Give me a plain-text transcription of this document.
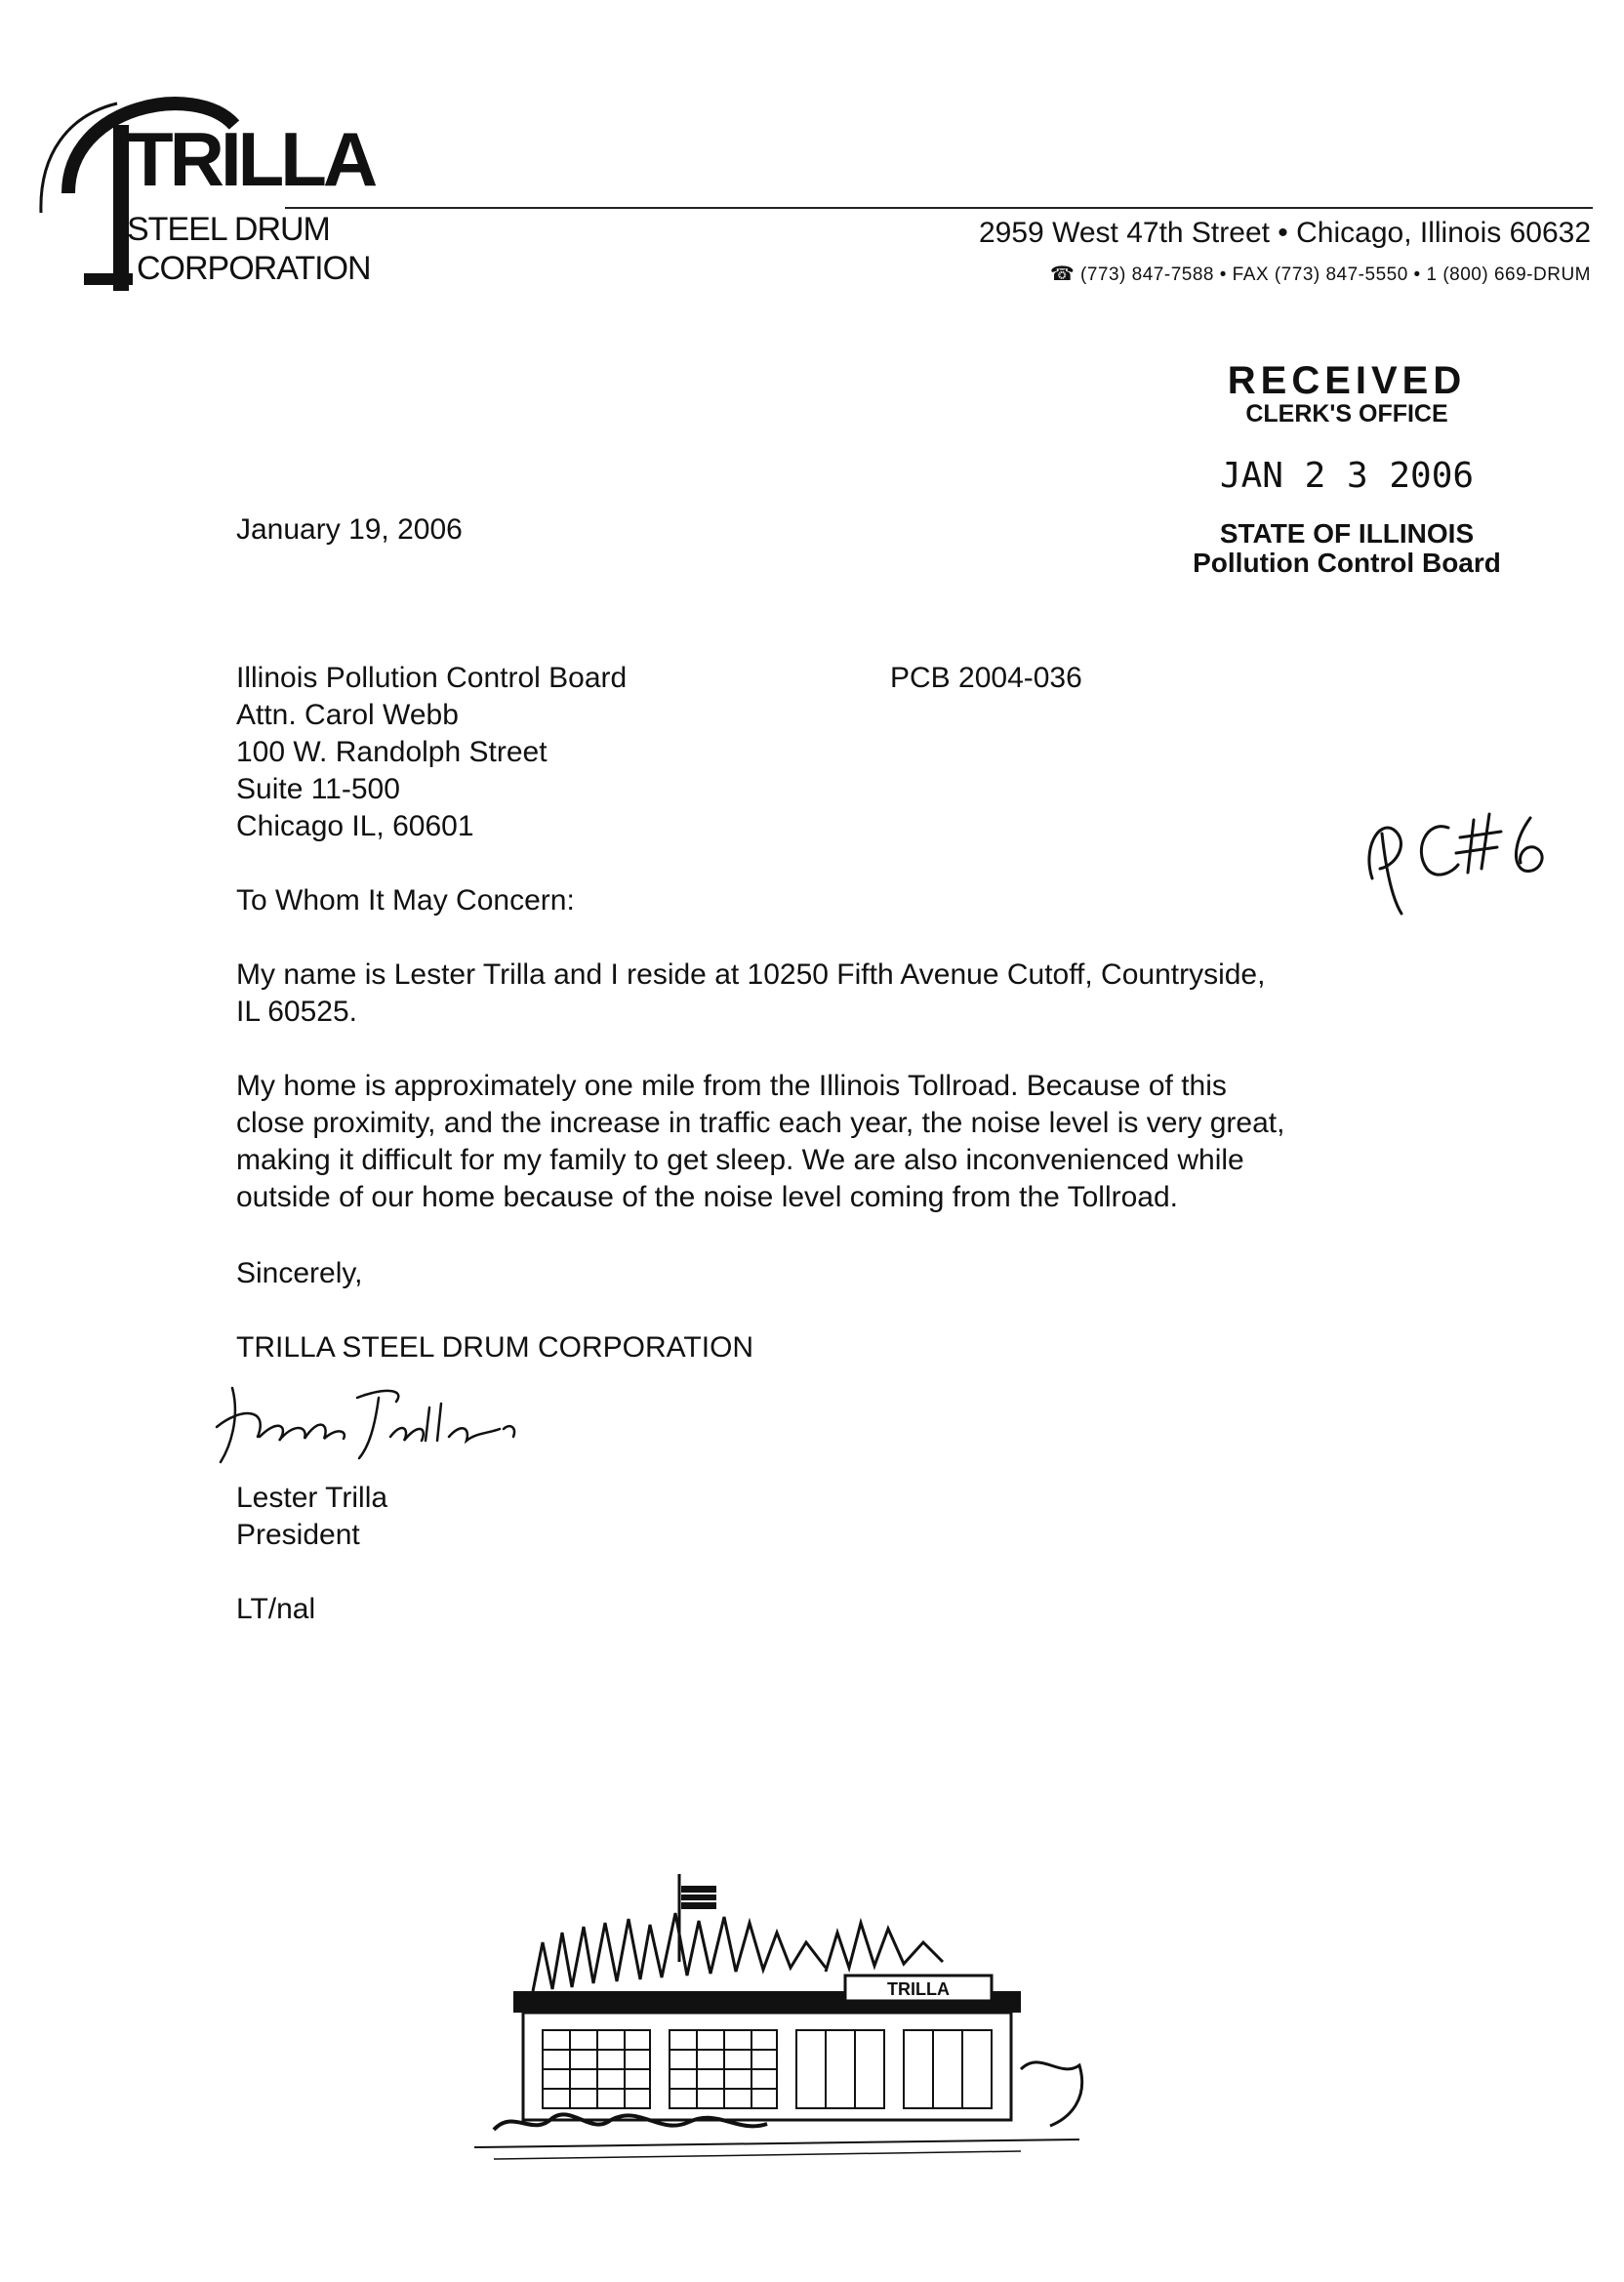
TRILLA
STEEL DRUM
CORPORATION
2959 West 47th Street • Chicago, Illinois 60632
☎ (773) 847-7588 • FAX (773) 847-5550 • 1 (800) 669-DRUM
RECEIVED
CLERK'S OFFICE
JAN 2 3 2006
STATE OF ILLINOIS
Pollution Control Board
January 19, 2006
Illinois Pollution Control Board
Attn. Carol Webb
100 W. Randolph Street
Suite 11-500
Chicago IL, 60601
PCB 2004-036
To Whom It May Concern:
My name is Lester Trilla and I reside at 10250 Fifth Avenue Cutoff, Countryside,
IL 60525.
My home is approximately one mile from the Illinois Tollroad. Because of this
close proximity, and the increase in traffic each year, the noise level is very great,
making it difficult for my family to get sleep. We are also inconvenienced while
outside of our home because of the noise level coming from the Tollroad.
Sincerely,
TRILLA STEEL DRUM CORPORATION
Lester Trilla
President
LT/nal
TRILLA
